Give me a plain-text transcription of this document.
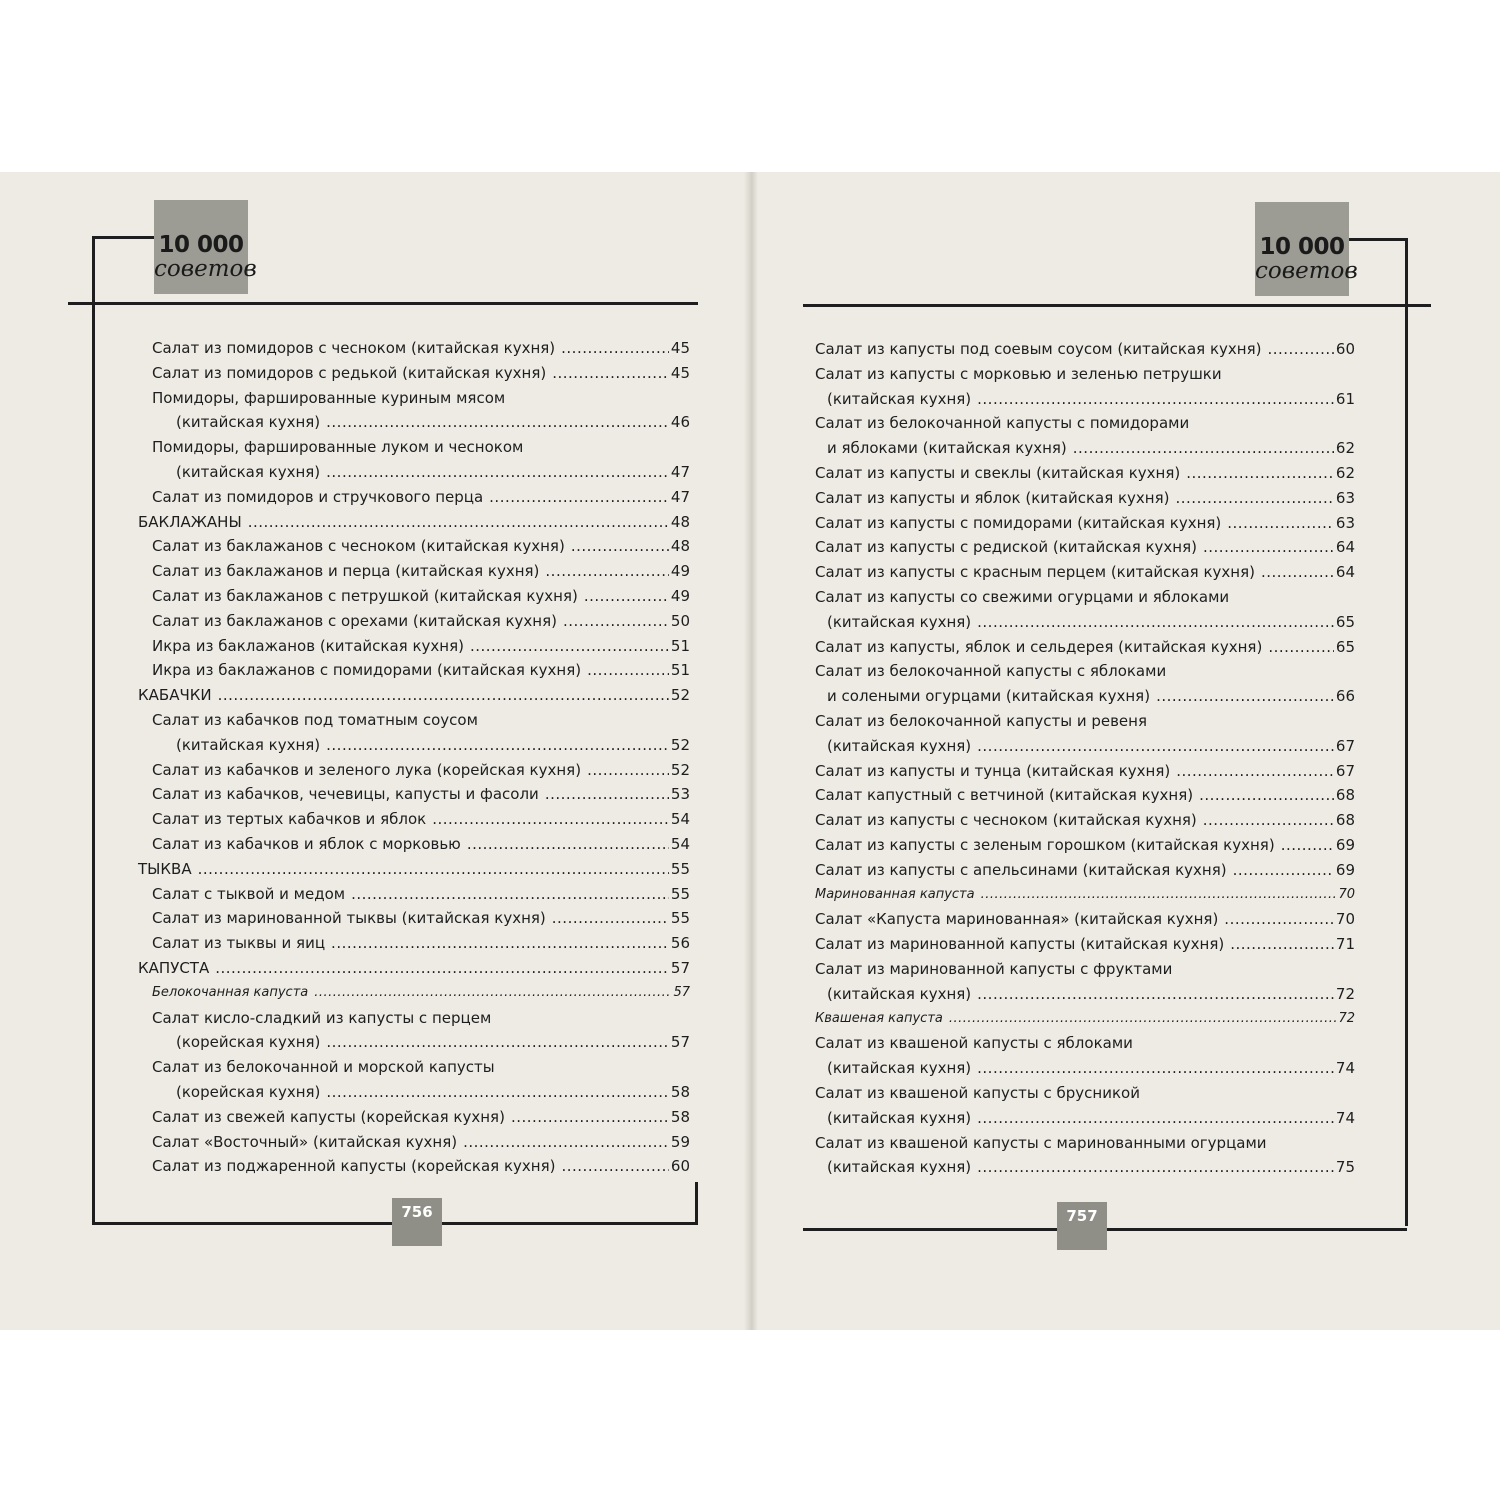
10 000
советов
756
Салат из помидоров с чесноком (китайская кухня) .....	45
Салат из помидоров с редькой (китайская кухня) .....	45
Помидоры, фаршированные куриным мясом
(китайская кухня) .....	46
Помидоры, фаршированные луком и чесноком
(китайская кухня) .....	47
Салат из помидоров и стручкового перца .....	47
БАКЛАЖАНЫ .....	48
Салат из баклажанов с чесноком (китайская кухня) .....	48
Салат из баклажанов и перца (китайская кухня) .....	49
Салат из баклажанов с петрушкой (китайская кухня) .....	49
Салат из баклажанов с орехами (китайская кухня) .....	50
Икра из баклажанов (китайская кухня) .....	51
Икра из баклажанов с помидорами (китайская кухня) .....	51
КАБАЧКИ .....	52
Салат из кабачков под томатным соусом
(китайская кухня) .....	52
Салат из кабачков и зеленого лука (корейская кухня) .....	52
Салат из кабачков, чечевицы, капусты и фасоли .....	53
Салат из тертых кабачков и яблок .....	54
Салат из кабачков и яблок с морковью .....	54
ТЫКВА .....	55
Салат с тыквой и медом .....	55
Салат из маринованной тыквы (китайская кухня) .....	55
Салат из тыквы и яиц .....	56
КАПУСТА .....	57
Белокочанная капуста .....	57
Салат кисло-сладкий из капусты с перцем
(корейская кухня) .....	57
Салат из белокочанной и морской капусты
(корейская кухня) .....	58
Салат из свежей капусты (корейская кухня) .....	58
Салат «Восточный» (китайская кухня) .....	59
Салат из поджаренной капусты (корейская кухня) .....	60
10 000
советов
757
Салат из капусты под соевым соусом (китайская кухня) .....	60
Салат из капусты с морковью и зеленью петрушки
(китайская кухня) .....	61
Салат из белокочанной капусты с помидорами
и яблоками (китайская кухня) .....	62
Салат из капусты и свеклы (китайская кухня) .....	62
Салат из капусты и яблок (китайская кухня) .....	63
Салат из капусты с помидорами (китайская кухня) .....	63
Салат из капусты с редиской (китайская кухня) .....	64
Салат из капусты с красным перцем (китайская кухня) .....	64
Салат из капусты со свежими огурцами и яблоками
(китайская кухня) .....	65
Салат из капусты, яблок и сельдерея (китайская кухня) .....	65
Салат из белокочанной капусты с яблоками
и солеными огурцами (китайская кухня) .....	66
Салат из белокочанной капусты и ревеня
(китайская кухня) .....	67
Салат из капусты и тунца (китайская кухня) .....	67
Салат капустный с ветчиной (китайская кухня) .....	68
Салат из капусты с чесноком (китайская кухня) .....	68
Салат из капусты с зеленым горошком (китайская кухня) .....	69
Салат из капусты с апельсинами (китайская кухня) .....	69
Маринованная капуста .....	70
Салат «Капуста маринованная» (китайская кухня) .....	70
Салат из маринованной капусты (китайская кухня) .....	71
Салат из маринованной капусты с фруктами
(китайская кухня) .....	72
Квашеная капуста .....	72
Салат из квашеной капусты с яблоками
(китайская кухня) .....	74
Салат из квашеной капусты с брусникой
(китайская кухня) .....	74
Салат из квашеной капусты с маринованными огурцами
(китайская кухня) .....	75
